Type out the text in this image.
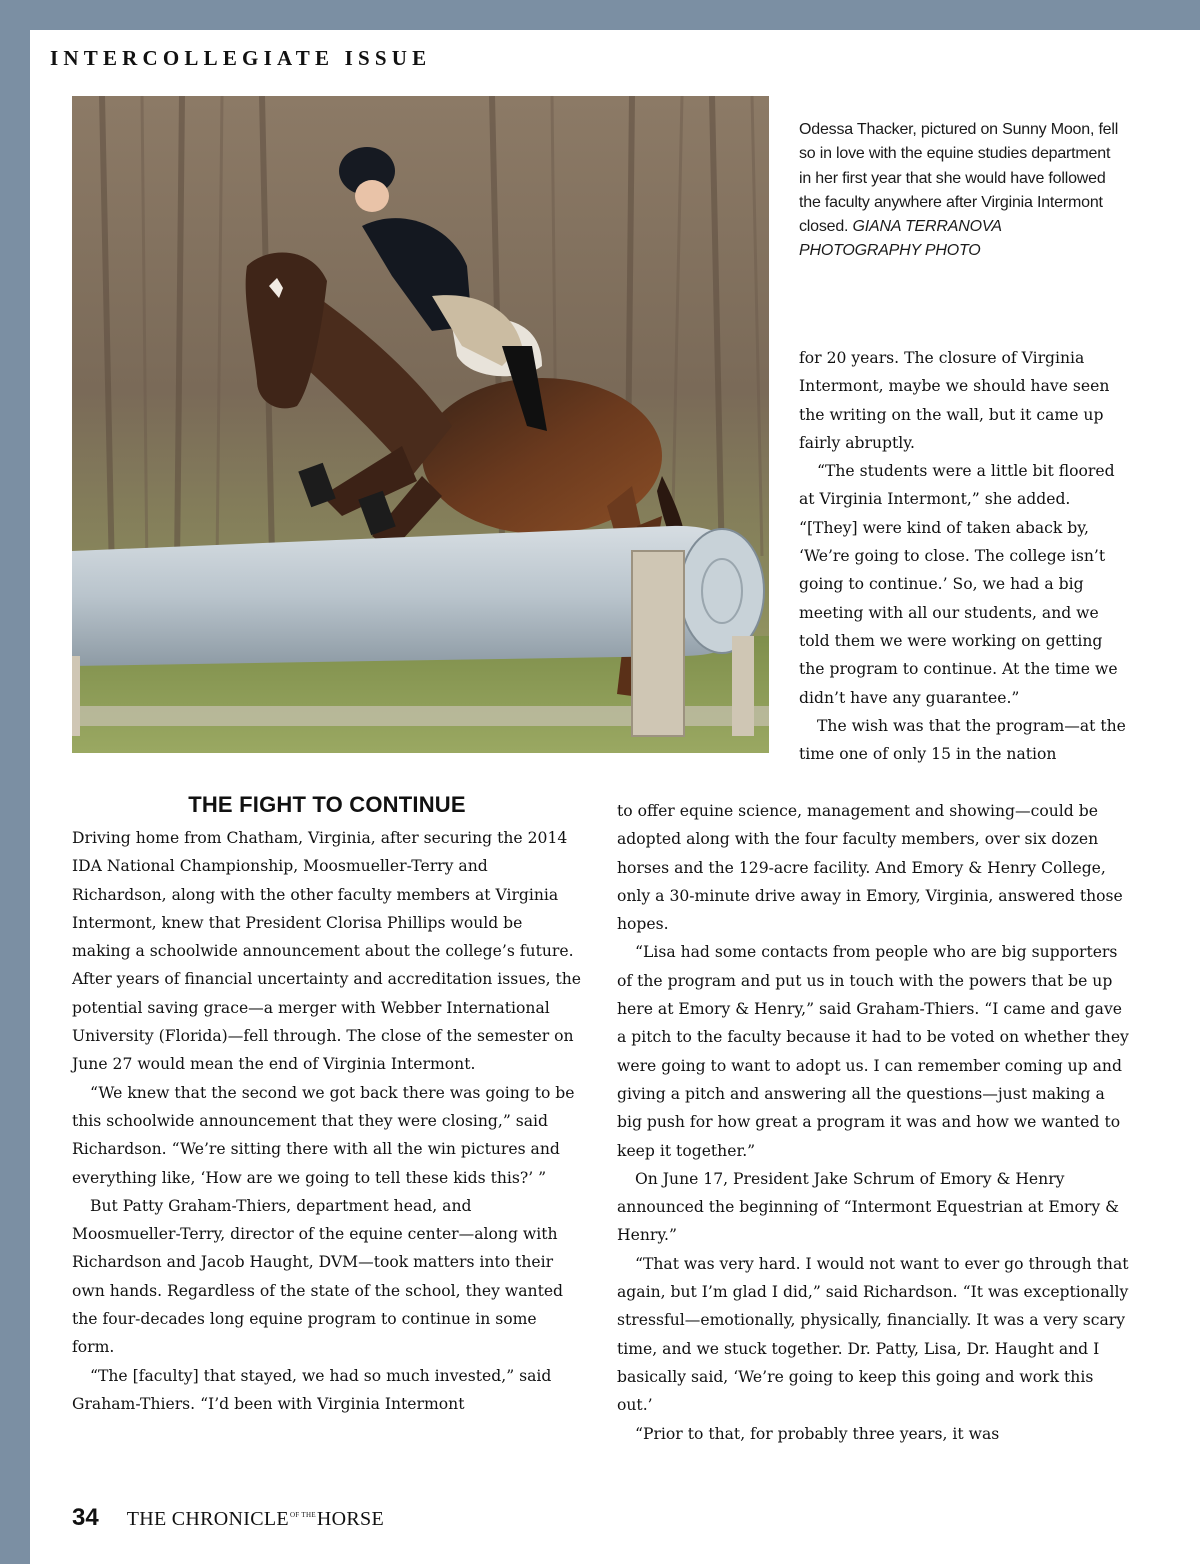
INTERCOLLEGIATE ISSUE
Odessa Thacker, pictured on Sunny Moon, fell so in love with the equine studies department in her first year that she would have followed the faculty anywhere after Virginia Intermont closed. GIANA TERRANOVA PHOTOGRAPHY PHOTO

for 20 years. The closure of Virginia Intermont, maybe we should have seen the writing on the wall, but it came up fairly abruptly.

“The students were a little bit floored at Virginia Intermont,” she added. “[They] were kind of taken aback by, ‘We’re going to close. The college isn’t going to continue.’ So, we had a big meeting with all our students, and we told them we were working on getting the program to continue. At the time we didn’t have any guarantee.”

The wish was that the program—at the time one of only 15 in the nation

THE FIGHT TO CONTINUE

Driving home from Chatham, Virginia, after securing the 2014 IDA National Championship, Moosmueller-Terry and Richardson, along with the other faculty members at Virginia Intermont, knew that President Clorisa Phillips would be making a schoolwide announcement about the college’s future. After years of financial uncertainty and accreditation issues, the potential saving grace—a merger with Webber International University (Florida)—fell through. The close of the semester on June 27 would mean the end of Virginia Intermont.

“We knew that the second we got back there was going to be this schoolwide announcement that they were closing,” said Richardson. “We’re sitting there with all the win pictures and everything like, ‘How are we going to tell these kids this?’ ”

But Patty Graham-Thiers, department head, and Moosmueller-Terry, director of the equine center—along with Richardson and Jacob Haught, DVM—took matters into their own hands. Regardless of the state of the school, they wanted the four-decades long equine program to continue in some form.

“The [faculty] that stayed, we had so much invested,” said Graham-Thiers. “I’d been with Virginia Intermont

to offer equine science, management and showing—could be adopted along with the four faculty members, over six dozen horses and the 129-acre facility. And Emory & Henry College, only a 30-minute drive away in Emory, Virginia, answered those hopes.

“Lisa had some contacts from people who are big supporters of the program and put us in touch with the powers that be up here at Emory & Henry,” said Graham-Thiers. “I came and gave a pitch to the faculty because it had to be voted on whether they were going to want to adopt us. I can remember coming up and giving a pitch and answering all the questions—just making a big push for how great a program it was and how we wanted to keep it together.”

On June 17, President Jake Schrum of Emory & Henry announced the beginning of “Intermont Equestrian at Emory & Henry.”

“That was very hard. I would not want to ever go through that again, but I’m glad I did,” said Richardson. “It was exceptionally stressful—emotionally, physically, financially. It was a very scary time, and we stuck together. Dr. Patty, Lisa, Dr. Haught and I basically said, ‘We’re going to keep this going and work this out.’

“Prior to that, for probably three years, it was

34 THE $CHRONICLE^{OF THE}HORSE$
